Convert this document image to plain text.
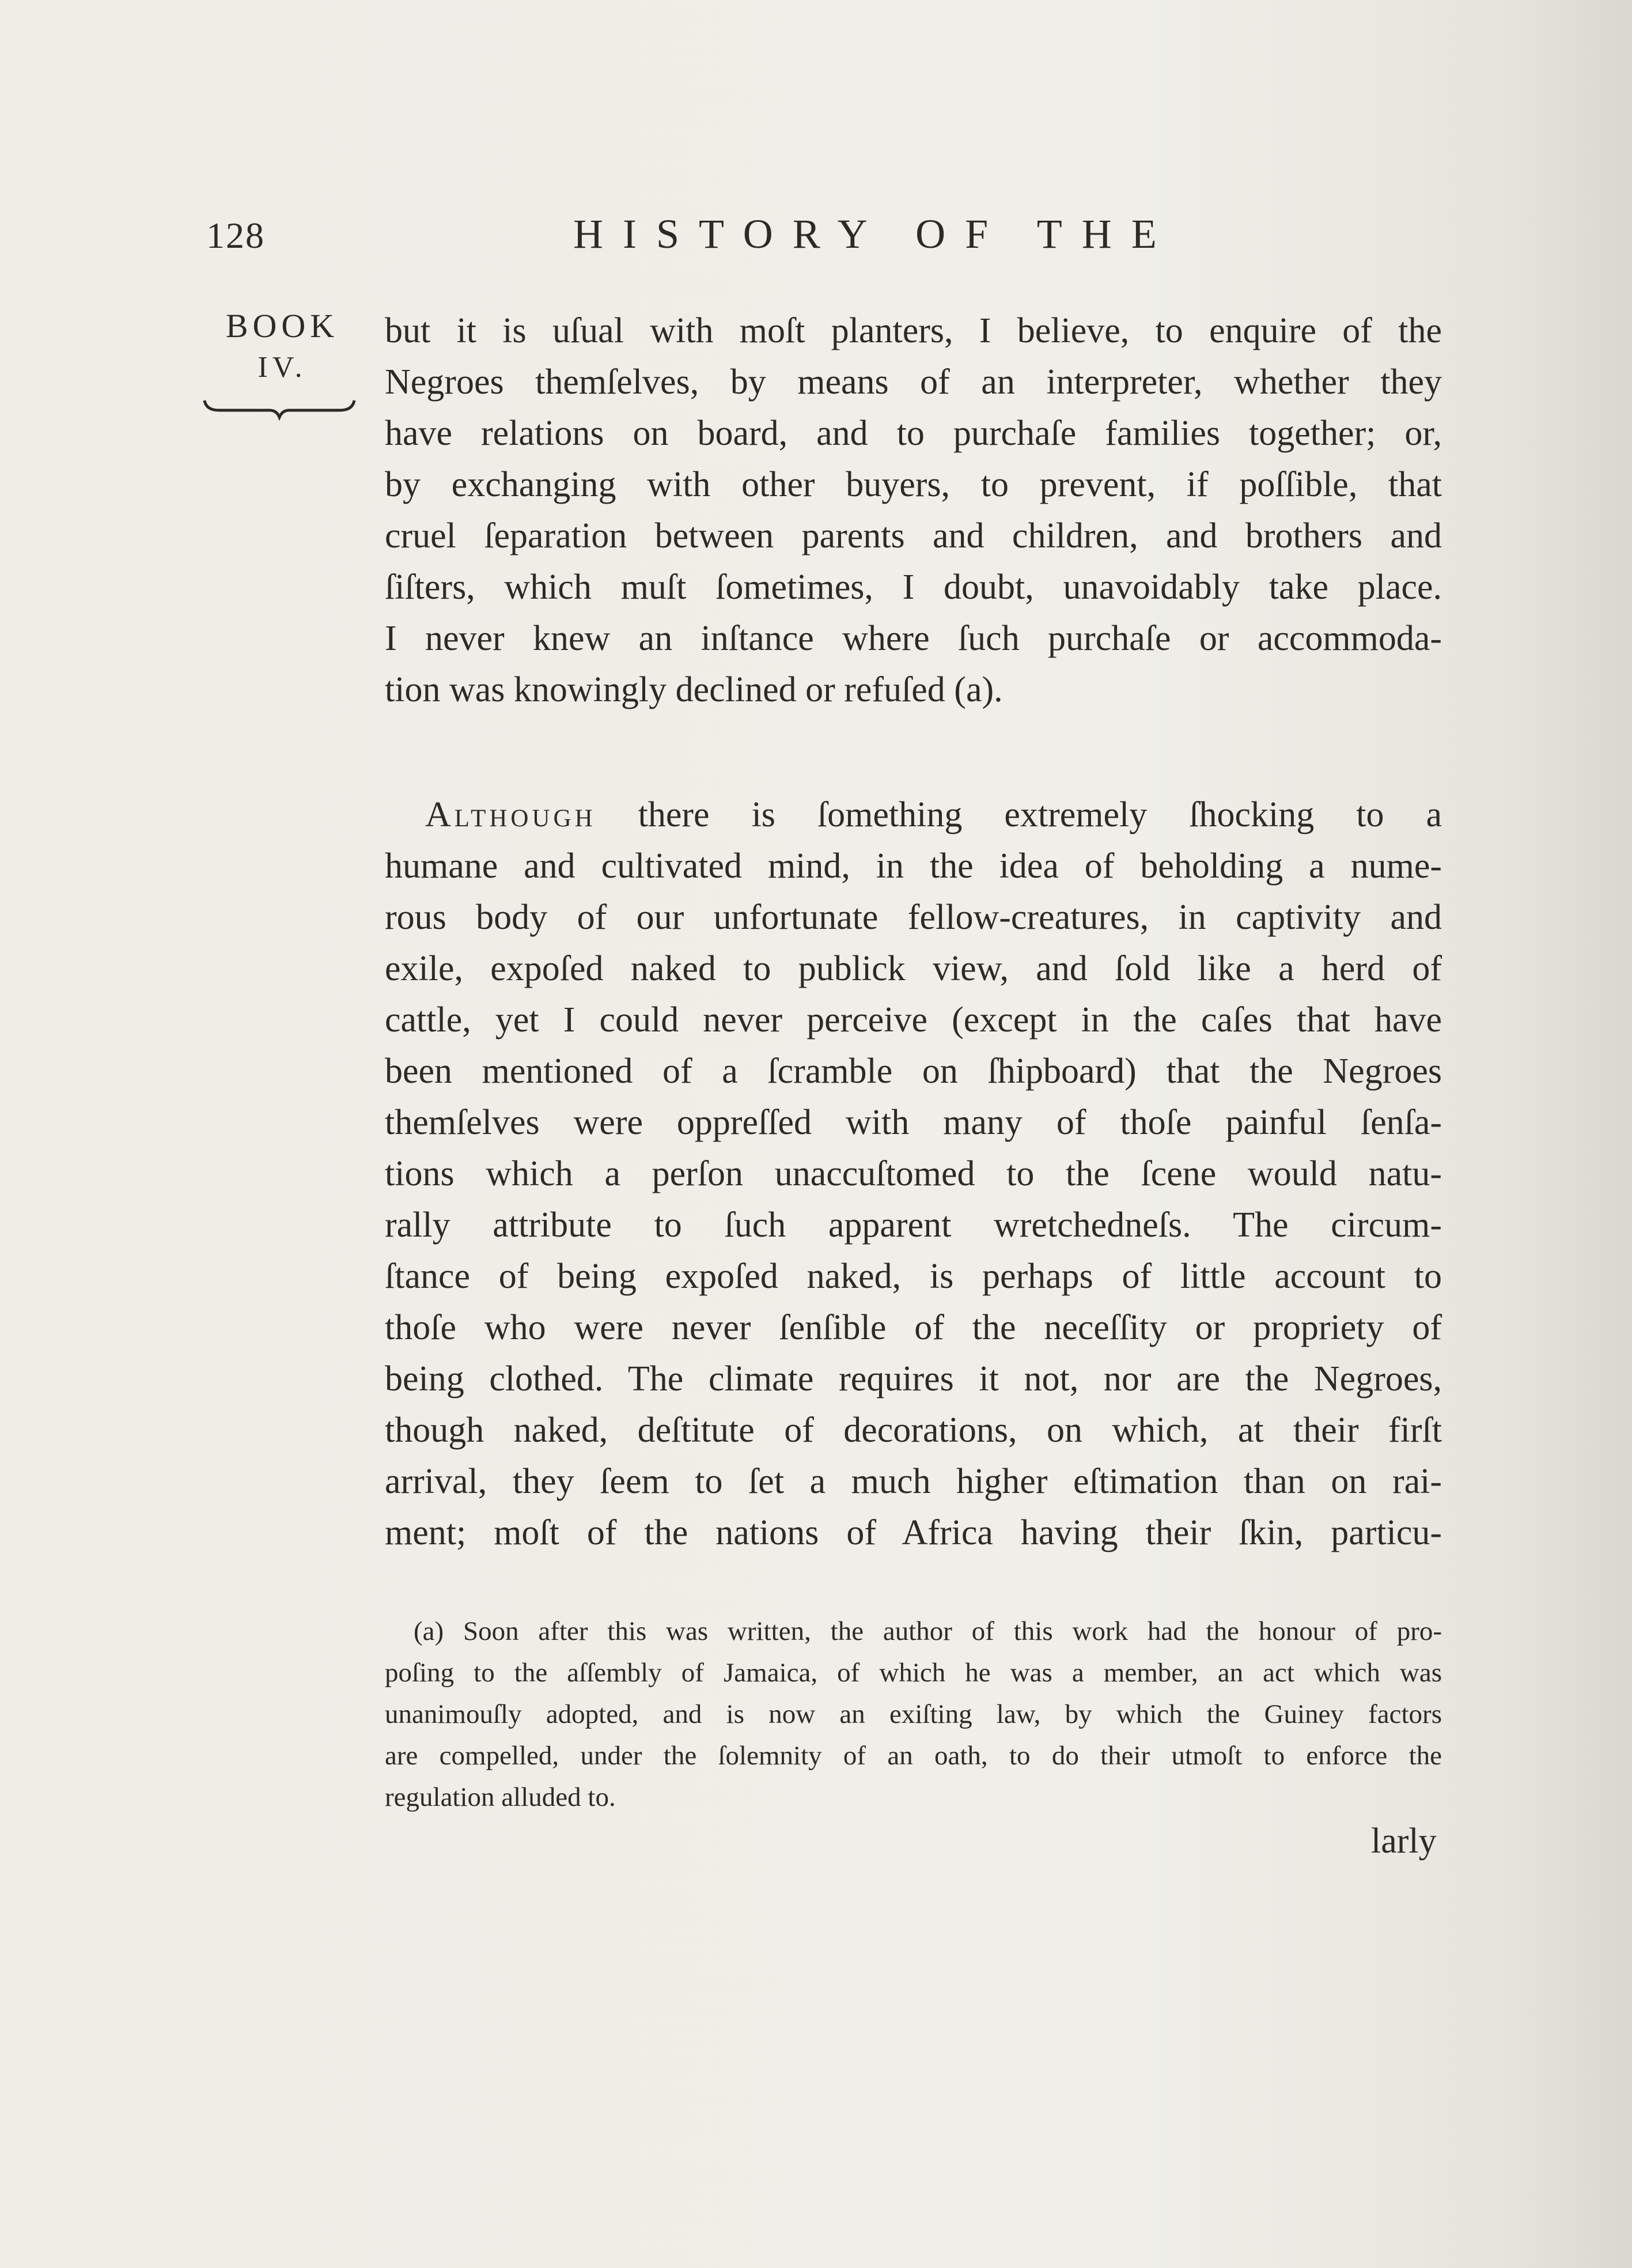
128	HISTORY OF THE
BOOK
IV.
but it is uſual with moſt planters, I believe, to enquire of the
Negroes themſelves, by means of an interpreter, whether they
have relations on board, and to purchaſe families together; or,
by exchanging with other buyers, to prevent, if poſſible, that
cruel ſeparation between parents and children, and brothers and
ſiſters, which muſt ſometimes, I doubt, unavoidably take place.
I never knew an inſtance where ſuch purchaſe or accommoda-
tion was knowingly declined or refuſed (a).
Although there is ſomething extremely ſhocking to a
humane and cultivated mind, in the idea of beholding a nume-
rous body of our unfortunate fellow-creatures, in captivity and
exile, expoſed naked to publick view, and ſold like a herd of
cattle, yet I could never perceive (except in the caſes that have
been mentioned of a ſcramble on ſhipboard) that the Negroes
themſelves were oppreſſed with many of thoſe painful ſenſa-
tions which a perſon unaccuſtomed to the ſcene would natu-
rally attribute to ſuch apparent wretchedneſs. The circum-
ſtance of being expoſed naked, is perhaps of little account to
thoſe who were never ſenſible of the neceſſity or propriety of
being clothed. The climate requires it not, nor are the Negroes,
though naked, deſtitute of decorations, on which, at their firſt
arrival, they ſeem to ſet a much higher eſtimation than on rai-
ment; moſt of the nations of Africa having their ſkin, particu-
(a) Soon after this was written, the author of this work had the honour of pro-
poſing to the aſſembly of Jamaica, of which he was a member, an act which was
unanimouſly adopted, and is now an exiſting law, by which the Guiney factors
are compelled, under the ſolemnity of an oath, to do their utmoſt to enforce the
regulation alluded to.
larly
